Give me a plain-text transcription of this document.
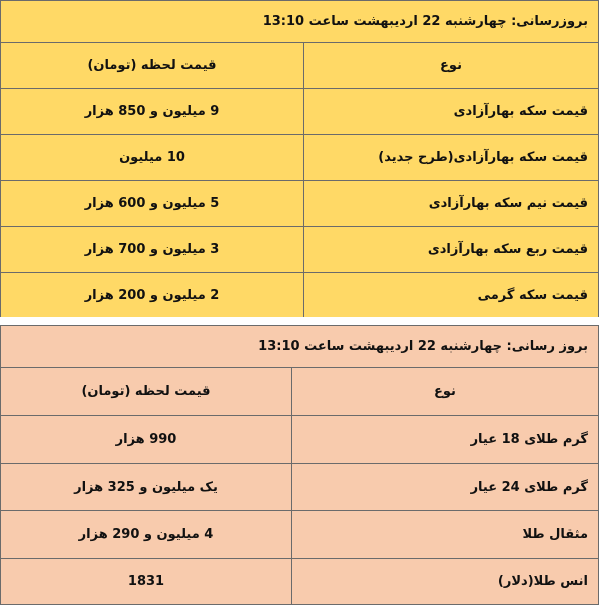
بروزرسانی: چهارشنبه 22 اردیبهشت ساعت 13:10	
نوع	قیمت لحظه (تومان)
قیمت سکه بهارآزادی	9 میلیون و 850 هزار
قیمت سکه بهارآزادی(طرح جدید)	10 میلیون
قیمت نیم سکه بهارآزادی	5 میلیون و 600 هزار
قیمت ربع سکه بهارآزادی	3 میلیون و 700 هزار
قیمت سکه گرمی	2 میلیون و 200 هزار
بروز رسانی: چهارشنبه 22 اردیبهشت ساعت 13:10	
نوع	قیمت لحظه (تومان)
گرم طلای 18 عیار	990 هزار
گرم طلای 24 عیار	یک میلیون و 325 هزار
مثقال طلا	4 میلیون و 290 هزار
انس طلا(دلار)	1831
